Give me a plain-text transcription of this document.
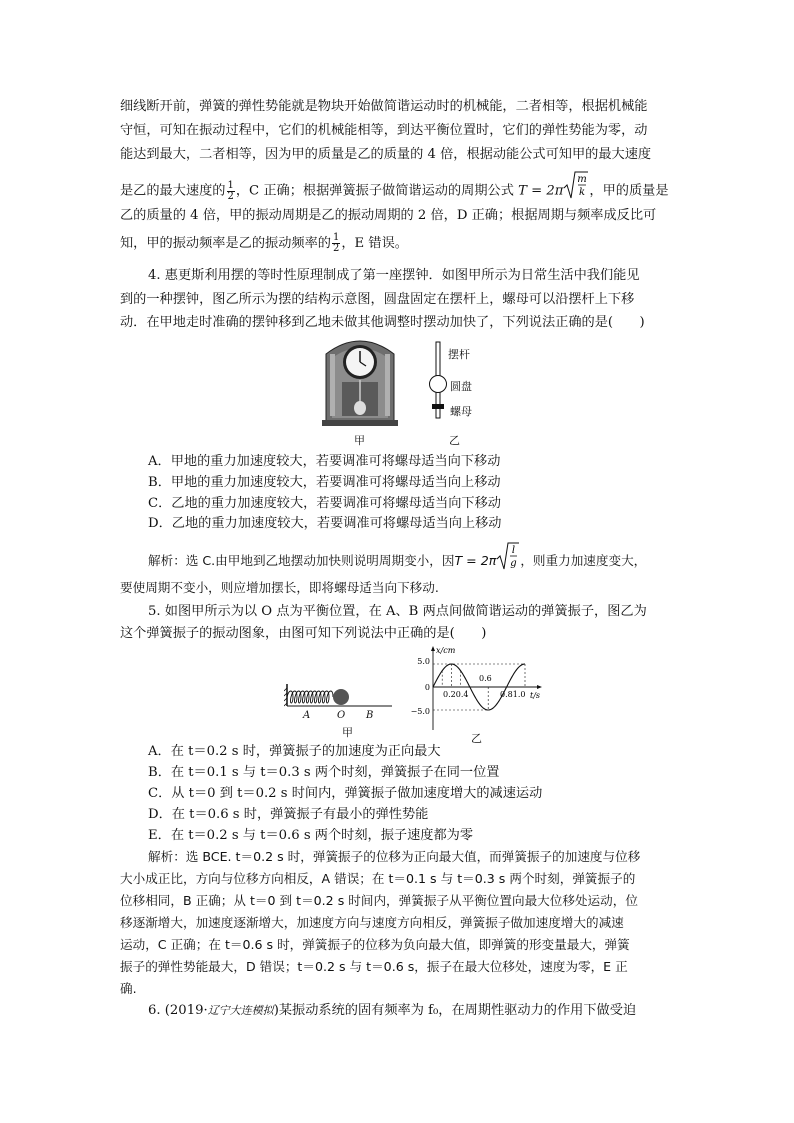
细线断开前，弹簧的弹性势能就是物块开始做简谐运动时的机械能，二者相等，根据机械能
守恒，可知在振动过程中，它们的机械能相等，到达平衡位置时，它们的弹性势能为零，动
能达到最大，二者相等，因为甲的质量是乙的质量的 4 倍，根据动能公式可知甲的最大速度
是乙的最大速度的 $\frac{1}{2}$ ，C 正确；根据弹簧振子做简谐运动的周期公式 T = 2π
m
k ，甲的质量是
乙的质量的 4 倍，甲的振动周期是乙的振动周期的 2 倍，D 正确；根据周期与频率成反比可
知，甲的振动频率是乙的振动频率的 $\frac{1}{2}$ ，E 错误。
4. 惠更斯利用摆的等时性原理制成了第一座摆钟．如图甲所示为日常生活中我们能见
到的一种摆钟，图乙所示为摆的结构示意图，圆盘固定在摆杆上，螺母可以沿摆杆上下移
动．在甲地走时准确的摆钟移到乙地未做其他调整时摆动加快了，下列说法正确的是(　　)
摆杆
圆盘
螺母
甲	乙
A．甲地的重力加速度较大，若要调准可将螺母适当向下移动
B．甲地的重力加速度较大，若要调准可将螺母适当向上移动
C．乙地的重力加速度较大，若要调准可将螺母适当向下移动
D．乙地的重力加速度较大，若要调准可将螺母适当向上移动
解析：选 C.由甲地到乙地摆动加快则说明周期变小，因T = 2π
l
g ，则重力加速度变大，
要使周期不变小，则应增加摆长，即将螺母适当向下移动.
5. 如图甲所示为以 O 点为平衡位置，在 A、B 两点间做简谐运动的弹簧振子，图乙为
这个弹簧振子的振动图象，由图可知下列说法中正确的是(　　)
A	O B
甲
x/cm
t/s
5.0
0
−5.0
0.20.4
0.6
0.81.0
乙
A．在 t＝0.2 s 时，弹簧振子的加速度为正向最大
B．在 t＝0.1 s 与 t＝0.3 s 两个时刻，弹簧振子在同一位置
C．从 t＝0 到 t＝0.2 s 时间内，弹簧振子做加速度增大的减速运动
D．在 t＝0.6 s 时，弹簧振子有最小的弹性势能
E．在 t＝0.2 s 与 t＝0.6 s 两个时刻，振子速度都为零
解析：选 BCE. t＝0.2 s 时，弹簧振子的位移为正向最大值，而弹簧振子的加速度与位移
大小成正比，方向与位移方向相反，A 错误；在 t＝0.1 s 与 t＝0.3 s 两个时刻，弹簧振子的
位移相同，B 正确；从 t＝0 到 t＝0.2 s 时间内，弹簧振子从平衡位置向最大位移处运动，位
移逐渐增大，加速度逐渐增大，加速度方向与速度方向相反，弹簧振子做加速度增大的减速
运动，C 正确；在 t＝0.6 s 时，弹簧振子的位移为负向最大值，即弹簧的形变量最大，弹簧
振子的弹性势能最大，D 错误；t＝0.2 s 与 t＝0.6 s，振子在最大位移处，速度为零，E 正
确.
6. (2019·辽宁大连模拟)某振动系统的固有频率为 f₀，在周期性驱动力的作用下做受迫
